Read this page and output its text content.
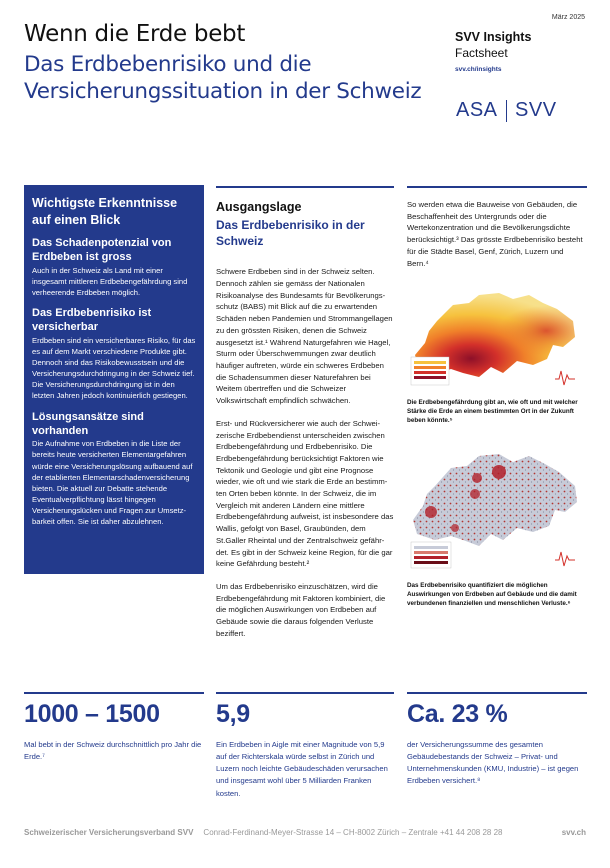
Wenn die Erde bebt
Das Erdbebenrisiko und die Versicherungssituation in der Schweiz
März 2025
SVV Insights
Factsheet
svv.ch/insights
ASA SVV
Wichtigste Erkenntnisse auf einen Blick
Das Schadenpotenzial von Erdbeben ist gross

Auch in der Schweiz als Land mit einer insgesamt mittleren Erdbebengefährdung sind verheerende Erdbeben möglich.

Das Erdbebenrisiko ist versicherbar

Erdbeben sind ein versicherbares Risiko, für das es auf dem Markt verschiedene Produkte gibt. Dennoch sind das Risikobewusstsein und die Versicherungsdurchdringung in der Schweiz tief. Die Versicherungsdurchdringung ist in den letzten Jahren jedoch kontinuierlich gestiegen.

Lösungsansätze sind vorhanden

Die Aufnahme von Erdbeben in die Liste der bereits heute versicherten Elementargefahren würde eine Versicherungslösung aufbauend auf der etablierten Elementarschadenversicherung bieten. Die aktuell zur Debatte stehende Eventualverpflichtung lässt hingegen Versicherungslücken und Fragen zur Umsetzbarkeit offen. Sie ist daher abzulehnen.

Ausgangslage
Das Erdbebenrisiko in der Schweiz

Schwere Erdbeben sind in der Schweiz selten. Dennoch zählen sie gemäss der Nationalen Risikoanalyse des Bundesamts für Bevölkerungsschutz (BABS) mit Blick auf die zu erwartenden Schäden neben Pandemien und Strommangellagen zu den grössten Risiken, denen die Schweiz ausgesetzt ist.¹ Während Naturgefahren wie Hagel, Sturm oder Überschwemmungen zwar deutlich häufiger auftreten, würde ein schweres Erdbeben die Schadensummen dieser Naturefahren bei Weitem übertreffen und die Schweizer Volkswirtschaft empfindlich schwächen.

Erst- und Rückversicherer wie auch der Schweizerische Erdbebendienst unterscheiden zwischen Erdbebengefährdung und Erdbebenrisiko. Die Erdbebengefährdung berücksichtigt Faktoren wie Tektonik und Geologie und gibt eine Prognose wieder, wie oft und wie stark die Erde an bestimmten Orten beben könnte. In der Schweiz, die im Vergleich mit anderen Ländern eine mittlere Erdbebengefährdung aufweist, ist insbesondere das Wallis, gefolgt von Basel, Graubünden, dem St.Galler Rheintal und der Zentralschweiz gefährdet. Es gibt in der Schweiz keine Region, für die gar keine Gefährdung besteht.²

Um das Erdbebenrisiko einzuschätzen, wird die Erdbebengefährdung mit Faktoren kombiniert, die die möglichen Auswirkungen von Erdbeben auf Gebäude sowie die daraus folgenden Verluste beziffert.

So werden etwa die Bauweise von Gebäuden, die Beschaffenheit des Untergrunds oder die Wertekonzentration und die Bevölkerungsdichte berücksichtigt.³ Das grösste Erdbebenrisiko besteht für die Städte Basel, Genf, Zürich, Luzern und Bern.⁴

Die Erdbebengefährdung gibt an, wie oft und mit welcher Stärke die Erde an einem bestimmten Ort in der Zukunft beben könnte.⁵

Das Erdbebenrisiko quantifiziert die möglichen Auswirkungen von Erdbeben auf Gebäude und die damit verbundenen finanziellen und menschlichen Verluste.⁶

1000 – 1500
Mal bebt in der Schweiz durchschnittlich pro Jahr die Erde.⁷
5,9
Ein Erdbeben in Aigle mit einer Magnitude von 5,9 auf der Richterskala würde selbst in Zürich und Luzern noch leichte Gebäudeschäden verursachen und insgesamt wohl über 5 Milliarden Franken kosten.
Ca. 23 %
der Versicherungssumme des gesamten Gebäudebestands der Schweiz – Privat- und Unternehmenskunden (KMU, Industrie) – ist gegen Erdbeben versichert.⁸
Schweizerischer Versicherungsverband SVV Conrad-Ferdinand-Meyer-Strasse 14 – CH-8002 Zürich – Zentrale +41 44 208 28 28	svv.ch
